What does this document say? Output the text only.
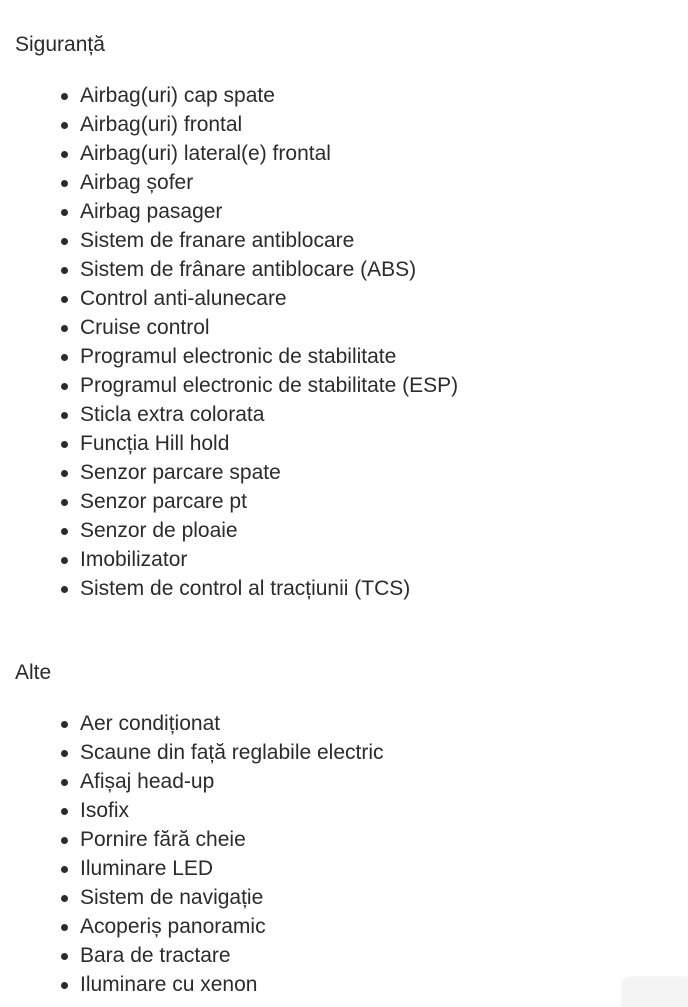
Siguranță
Airbag(uri) cap spate
Airbag(uri) frontal
Airbag(uri) lateral(e) frontal
Airbag șofer
Airbag pasager
Sistem de franare antiblocare
Sistem de frânare antiblocare (ABS)
Control anti-alunecare
Cruise control
Programul electronic de stabilitate
Programul electronic de stabilitate (ESP)
Sticla extra colorata
Funcția Hill hold
Senzor parcare spate
Senzor parcare pt
Senzor de ploaie
Imobilizator
Sistem de control al tracțiunii (TCS)
Alte
Aer condiționat
Scaune din față reglabile electric
Afișaj head-up
Isofix
Pornire fără cheie
Iluminare LED
Sistem de navigație
Acoperiș panoramic
Bara de tractare
Iluminare cu xenon
